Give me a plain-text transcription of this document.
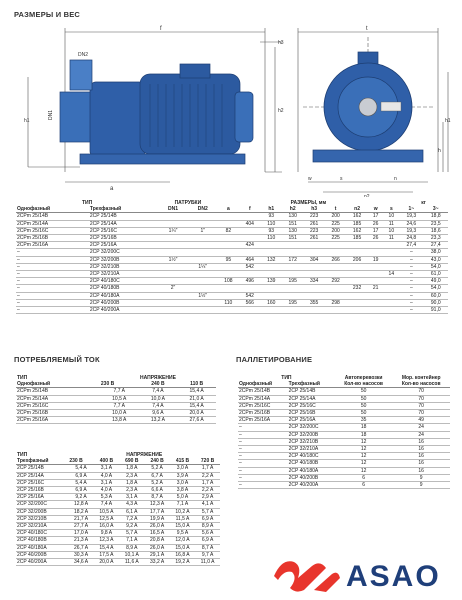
РАЗМЕРЫ И ВЕС
f
a
DN2
DN1
h1
h2
h3
t
w	n
n2
s
h
h1
ТИП		ПАТРУБКИ		РАЗМЕРЫ, мм									кг	
Однофазный	Трехфазный	DN1	DN2	a	f	h1	h2	h3	t	n2	w	s	1~	3~
2CPm 25/14B	2CP 25/14B					93	130	223	200	162	17	10	19,3	18,8
2CPm 25/14A	2CP 25/14A				404	110	151	261	225	185	26	11	24,6	23,5
2CPm 25/16C	2CP 25/16C	1¼"	1"	82		93	130	223	200	162	17	10	19,3	18,6
2CPm 25/16B	2CP 25/16B					110	151	261	225	185	26	11	24,8	23,3
2CPm 25/16A	2CP 25/16A				424								27,4	27,4
–	2CP 32/200C												–	38,0
–	2CP 32/200B	1½"		95	464	132	172	304	266	206	19		–	43,0
–	2CP 32/210B		1¼"		542								–	54,0
–	2CP 32/210A											14	–	61,0
–	2CP 40/180C			108	496	139	195	334	292				–	49,0
–	2CP 40/180B	2"								232	21		–	54,0
–	2CP 40/180A		1½"		542								–	60,0
–	2CP 40/200B			110	566	160	195	355	298				–	90,0
–	2CP 40/200A												–	91,0
ПОТРЕБЛЯЕМЫЙ ТОК	ПАЛЛЕТИРОВАНИЕ
ТИП	НАПРЯЖЕНИЕ		
Однофазный	230 В	240 В	110 В
2CPm 25/14B	7,7 A	7,4 A	15,4 A
2CPm 25/14A	10,5 A	10,0 A	21,0 A
2CPm 25/16C	7,7 A	7,4 A	15,4 A
2CPm 25/16B	10,0 A	9,6 A	20,0 A
2CPm 25/16A	13,8 A	13,2 A	27,6 A
ТИП	НАПРЯЖЕНИЕ					
Трехфазный	230 В	400 В	690 В	240 В	415 В	720 В
2CP 25/14B	5,4 A	3,1 A	1,8 A	5,2 A	3,0 A	1,7 A
2CP 25/14A	6,9 A	4,0 A	2,3 A	6,7 A	3,9 A	2,2 A
2CP 25/16C	5,4 A	3,1 A	1,8 A	5,2 A	3,0 A	1,7 A
2CP 25/16B	6,9 A	4,0 A	2,3 A	6,6 A	3,8 A	2,2 A
2CP 25/16A	9,2 A	5,3 A	3,1 A	8,7 A	5,0 A	2,9 A
2CP 32/200C	12,8 A	7,4 A	4,3 A	12,3 A	7,1 A	4,1 A
2CP 32/200B	18,2 A	10,5 A	6,1 A	17,7 A	10,2 A	5,7 A
2CP 32/210B	21,7 A	12,5 A	7,2 A	19,9 A	11,5 A	6,9 A
2CP 32/210A	27,7 A	16,0 A	9,2 A	26,0 A	15,0 A	8,9 A
2CP 40/180C	17,0 A	9,8 A	5,7 A	16,5 A	9,5 A	5,6 A
2CP 40/180B	21,3 A	12,3 A	7,1 A	20,8 A	12,0 A	6,9 A
2CP 40/180A	26,7 A	15,4 A	8,9 A	26,0 A	15,0 A	8,7 A
2CP 40/200B	30,3 A	17,5 A	10,1 A	29,1 A	16,8 A	9,7 A
2CP 40/200A	34,6 A	20,0 A	11,6 A	33,2 A	19,2 A	11,0 A
ТИП		Автоперевозки	Мор. контейнер
Однофазный	Трехфазный	Кол-во насосов	Кол-во насосов
2CPm 25/14B	2CP 25/14B	50	70
2CPm 25/14A	2CP 25/14A	50	70
2CPm 25/16C	2CP 25/16C	50	70
2CPm 25/16B	2CP 25/16B	50	70
2CPm 25/16A	2CP 25/16A	35	49
–	2CP 32/200C	18	24
–	2CP 32/200B	18	24
–	2CP 32/210B	12	16
–	2CP 32/210A	12	16
–	2CP 40/180C	12	16
–	2CP 40/180B	12	16
–	2CP 40/180A	12	16
–	2CP 40/200B	6	9
–	2CP 40/200A	6	9
ASAO
